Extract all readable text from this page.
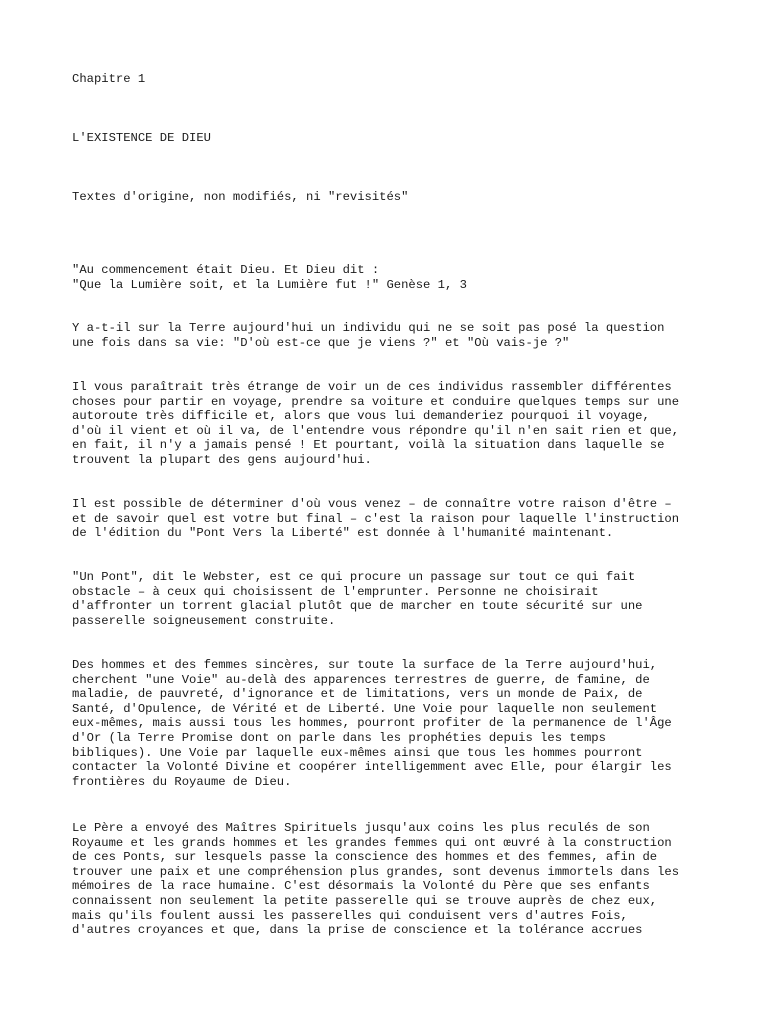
Chapitre 1
L'EXISTENCE DE DIEU
Textes d'origine, non modifiés, ni "revisités"
"Au commencement était Dieu. Et Dieu dit :
"Que la Lumière soit, et la Lumière fut !" Genèse 1, 3
Y a-t-il sur la Terre aujourd'hui un individu qui ne se soit pas posé la question
une fois dans sa vie: "D'où est-ce que je viens ?" et "Où vais-je ?"
Il vous paraîtrait très étrange de voir un de ces individus rassembler différentes
choses pour partir en voyage, prendre sa voiture et conduire quelques temps sur une
autoroute très difficile et, alors que vous lui demanderiez pourquoi il voyage,
d'où il vient et où il va, de l'entendre vous répondre qu'il n'en sait rien et que,
en fait, il n'y a jamais pensé ! Et pourtant, voilà la situation dans laquelle se
trouvent la plupart des gens aujourd'hui.
Il est possible de déterminer d'où vous venez – de connaître votre raison d'être –
et de savoir quel est votre but final – c'est la raison pour laquelle l'instruction
de l'édition du "Pont Vers la Liberté" est donnée à l'humanité maintenant.
"Un Pont", dit le Webster, est ce qui procure un passage sur tout ce qui fait
obstacle – à ceux qui choisissent de l'emprunter. Personne ne choisirait
d'affronter un torrent glacial plutôt que de marcher en toute sécurité sur une
passerelle soigneusement construite.
Des hommes et des femmes sincères, sur toute la surface de la Terre aujourd'hui,
cherchent "une Voie" au-delà des apparences terrestres de guerre, de famine, de
maladie, de pauvreté, d'ignorance et de limitations, vers un monde de Paix, de
Santé, d'Opulence, de Vérité et de Liberté. Une Voie pour laquelle non seulement
eux-mêmes, mais aussi tous les hommes, pourront profiter de la permanence de l'Âge
d'Or (la Terre Promise dont on parle dans les prophéties depuis les temps
bibliques). Une Voie par laquelle eux-mêmes ainsi que tous les hommes pourront
contacter la Volonté Divine et coopérer intelligemment avec Elle, pour élargir les
frontières du Royaume de Dieu.
Le Père a envoyé des Maîtres Spirituels jusqu'aux coins les plus reculés de son
Royaume et les grands hommes et les grandes femmes qui ont œuvré à la construction
de ces Ponts, sur lesquels passe la conscience des hommes et des femmes, afin de
trouver une paix et une compréhension plus grandes, sont devenus immortels dans les
mémoires de la race humaine. C'est désormais la Volonté du Père que ses enfants
connaissent non seulement la petite passerelle qui se trouve auprès de chez eux,
mais qu'ils foulent aussi les passerelles qui conduisent vers d'autres Fois,
d'autres croyances et que, dans la prise de conscience et la tolérance accrues
